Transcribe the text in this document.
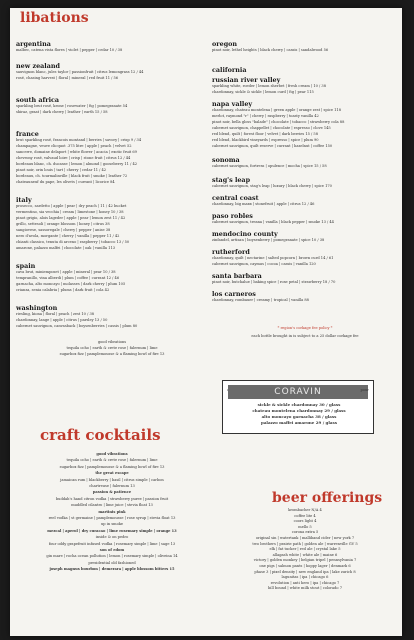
libations
craft cocktails
beer offerings
argentina
malbec, catena vista flores | violet | pepper | cedar 10 / 38
new zealand
sauvignon blanc, jules taylor | passionfruit | citrus lemongrass 12 / 44
rosé, chasing harvest | floral | mineral | red fruit 11 / 56
south africa
sparkling brut rosé, krone | rosewater | fig | pomegranate 54
shiraz, graat | dark cherry | leather | earth 15 / 58
france
brut sparkling rosé, francois montand | berries | savory | crisp 9 / 34
champagne, veuve clicquot .375 litre | apple | peach | velvet 52
sancerre, domaine delaport | white flower | acacia | exotic fruit 69
chevrony rosé, valvaud loire | crisp | stone fruit | citrus 12 / 44
bordeaux blanc, ch. ducasse | lemon | almond | gooseberry 11 / 42
pinot noir, orin louis | tart | cherry | cedar 11 / 42
bordeaux, ch. tourmalinville | black fruit | smoke | leather 72
chateauneuf du pape, les olivets | currant | licorice 84
italy
prosecco, sardetto | apple | pear | dry peach | 11 / 42 bucket
vermentino, sia vecchia | cream | limestone | honey 10 / 38
pinot grigio, alois lageder | apple | pear | lemon zest 11 / 42
grillo, settesoli | orange blossom | honey | citrus 38
sangiovese, sassoregale | cherry | pepper | anise 38
nero d'avola, morgante | cherry | vanilla | pepper 11 / 42
chianti classico, tenuta di arceno | raspberry | tobacco 13 / 50
amarone, palazzo malfei | chocolate | oak | vanilla 113
spain
cava brut, miniemposet | apple | mineral | pear 10 / 38
tempranillo, vina alberdi | plum | coffee | currant 12 / 46
garnacha, alto moncayo | molasses | dark cherry | plum 105
crianza, senia calabria | plums | dark fruit | cola 42
washington
riesling, kiona | floral | peach | zest 10 / 38
chardonnay, lange | apple | citrus | parsley 13 / 50
cabernet sauvignon, canvasback | boysenberries | cassis | plum 80
good vibrations
tequila ocho | earth & crete rose | falernum | lime
sugarbox fizz | pamplemousse & a flaming bowl of fire 13
good vibrations
tequila ocho | earth & crete rose | falernum | lime
sugarbox fizz | pamplemousse & a flaming bowl of fire 13
the great escape
jamaican rum | blackberry | basil | citrus simple | carbon
chartreuse | falernum 13
passion & patience
buddah's hand citron vodka | strawberry puree | passion fruit
muddled cilantro | lime juice | stevia float 13
martinis pink
reel vodka | st germaine | pamplemousse | rose syrup | stevia float 13
up in smoke
mezcal | aperol | dry curacao | lime rosemary simple | orange 13
inside & on pedro
four oddy grapefruit infused vodka | rosemary simple | lime | sage 13
son of edom
gin mare | rocha ocean pollution | lemon | rosemary simple | oliveina 14
presidential old fashioned
joseph magnus bourbon | demerara | apple blossom bitters 15
oregon
pinot noir, lethel heights | black cherry | cassis | sandalwood 56
california
russian river valley
sparkling white, roeder | lemon sherbet | fresh cream | 10 / 38
chardonnay, sickle & sickle | lemon curd | fig | pear 115
napa valley
chardonnay, chateau montelena | green apple | orange zest | spice 118
merlot, raymond "r" | cherry | raspberry | toasty vanilla 42
pinot noir, bella gloss "balade" | chocolate | tobacco | strawberry cola 88
cabernet sauvignon, chappellet | chocolate | espresso | clove 145
red blend, quilt | forest floor | velvet | dark berries 15 / 58
red blend, blackbird vineyards | espresso | spice | plum 90
cabernet sauvignon, quilt reserve | currant | hazelnut | coffee 150
sonoma
cabernet sauvignon, fortress | opulence | mocha | spice 15 / 58
stag's leap
cabernet sauvignon, stag's leap | luxury | black cherry | spice 170
central coast
chardonnay, big maxx | stonefruit | apple | citrus 12 / 46
paso robles
cabernet sauvignon, treana | vanilla | black pepper | smoke 13 / 44
mendocino county
zinfandel, artisan | boysenberry | pomegranate | spice 10 / 38
rutherford
chardonnay, quilt | nectarine | salted popcorn | brown curd 14 / 61
cabernet sauvignon, caymus | cocoa | cassis | vanilla 120
santa barbara
pinot noir, butchalue | baking spice | rose petal | strawberry 18 / 70
los carneros
chardonnay, rombauer | creamy | tropical | vanilla 88
* region's corkage fee policy *
each bottle brought in is subject to a 25 dollar corkage fee
CORAVIN	pour
sickle & sickle chardonnay 30 / glass
chateau montelena chardonnay 29 / glass
alto moncayo garnacha 38 / glass
palazzo maffei amarone 29 / glass
krombacher N/A 4
coffee lite 4
coors light 4
mello 5
corona extra 5
original sin | watertank | malliband cider | new york 7
two brothers | prairie path | golden ale | warrenville GV 5
elk | fat tucker | red ale | crystal lake 5
allagash white | white ale | maine 6
victory | golden monkey | belgian tripel | pennsylvania 7
one pigs | salmon pants | hoppy lager | denmark 6
phase 3 | pixel density | new england ipa | lake zurich 8
lagunitas | ipa | chicago 6
revolution | anti hero | ipa | chicago 7
hill bound | white milk stout | colorado 7
